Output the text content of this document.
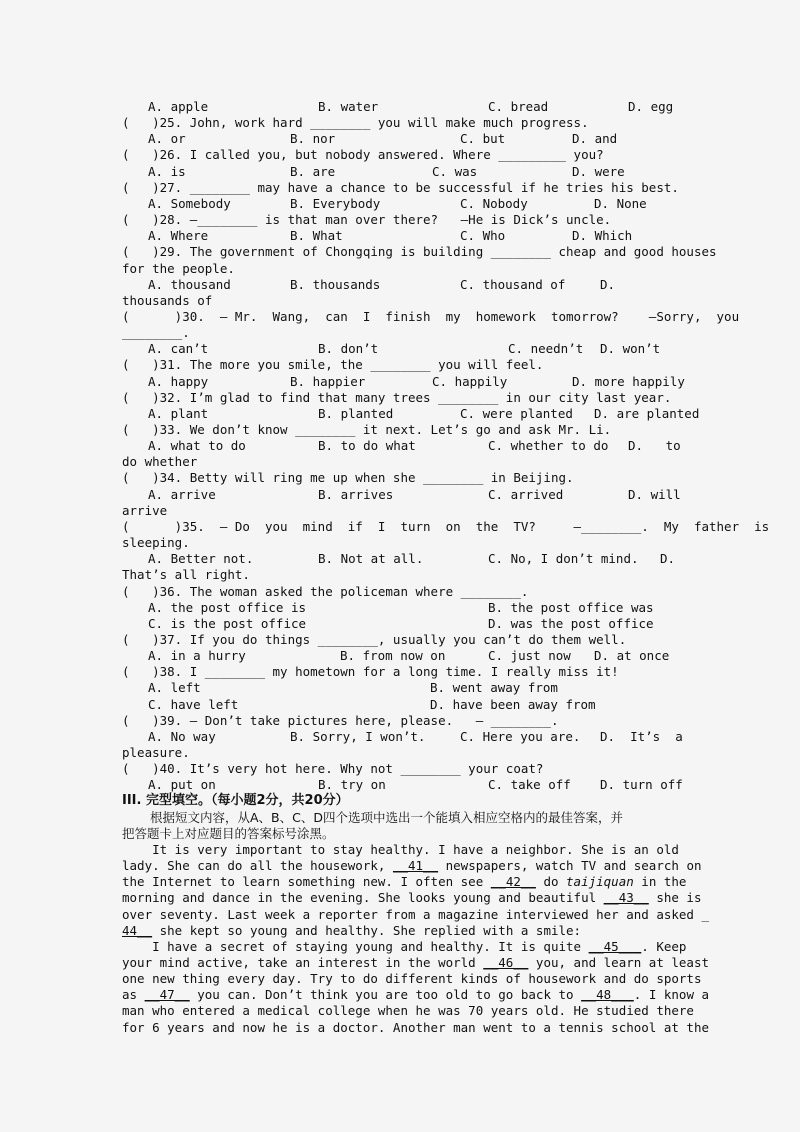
A. apple	B. water	C. bread	D. egg
(   )25. John, work hard ________ you will make much progress.
A. or	B. nor	C. but	D. and
(   )26. I called you, but nobody answered. Where _________ you?
A. is	B. are	C. was	D. were
(   )27. ________ may have a chance to be successful if he tries his best.
A. Somebody	B. Everybody	C. Nobody	D. None
(   )28. –________ is that man over there?   —He is Dick’s uncle.
A. Where	B. What	C. Who	D. Which
(   )29. The government of Chongqing is building ________ cheap and good houses
for the people.
A. thousand	B. thousands	C. thousand of	D.
thousands of
(      )30.  – Mr.  Wang,  can  I  finish  my  homework  tomorrow?    —Sorry,  you
________.
A. can’t	B. don’t	C. needn’t D. won’t
(   )31. The more you smile, the ________ you will feel.
A. happy	B. happier	C. happily	D. more happily
(   )32. I’m glad to find that many trees ________ in our city last year.
A. plant	B. planted	C. were planted D. are planted
(   )33. We don’t know ________ it next. Let’s go and ask Mr. Li.
A. what to do	B. to do what	C. whether to do D.   to
do whether
(   )34. Betty will ring me up when she ________ in Beijing.
A. arrive	B. arrives	C. arrived	D. will
arrive
(      )35.  – Do  you  mind  if  I  turn  on  the  TV?     —________.  My  father  is
sleeping.
A. Better not.	B. Not at all.	C. No, I don’t mind. D.
That’s all right.
(   )36. The woman asked the policeman where ________.
A. the post office is	B. the post office was
C. is the post office	D. was the post office
(   )37. If you do things ________, usually you can’t do them well.
A. in a hurry	B. from now on	C. just now D. at once
(   )38. I ________ my hometown for a long time. I really miss it!
A. left	B. went away from
C. have left	D. have been away from
(   )39. – Don’t take pictures here, please.   – ________.
A. No way	B. Sorry, I won’t.	C. Here you are. D.  It’s  a
pleasure.
(   )40. It’s very hot here. Why not ________ your coat?
A. put on	B. try on	C. take off D. turn off
III. 完型填空。（每小题2分，共20分）
根据短文内容，从A、B、C、D四个选项中选出一个能填入相应空格内的最佳答案，并
把答题卡上对应题目的答案标号涂黑。
It is very important to stay healthy. I have a neighbor. She is an old
lady. She can do all the housework, __41__ newspapers, watch TV and search on
the Internet to learn something new. I often see __42__ do taijiquan in the
morning and dance in the evening. She looks young and beautiful __43__ she is
over seventy. Last week a reporter from a magazine interviewed her and asked _
44__ she kept so young and healthy. She replied with a smile:
I have a secret of staying young and healthy. It is quite __45___. Keep
your mind active, take an interest in the world __46__ you, and learn at least
one new thing every day. Try to do different kinds of housework and do sports
as __47__ you can. Don’t think you are too old to go back to __48___. I know a
man who entered a medical college when he was 70 years old. He studied there
for 6 years and now he is a doctor. Another man went to a tennis school at the
